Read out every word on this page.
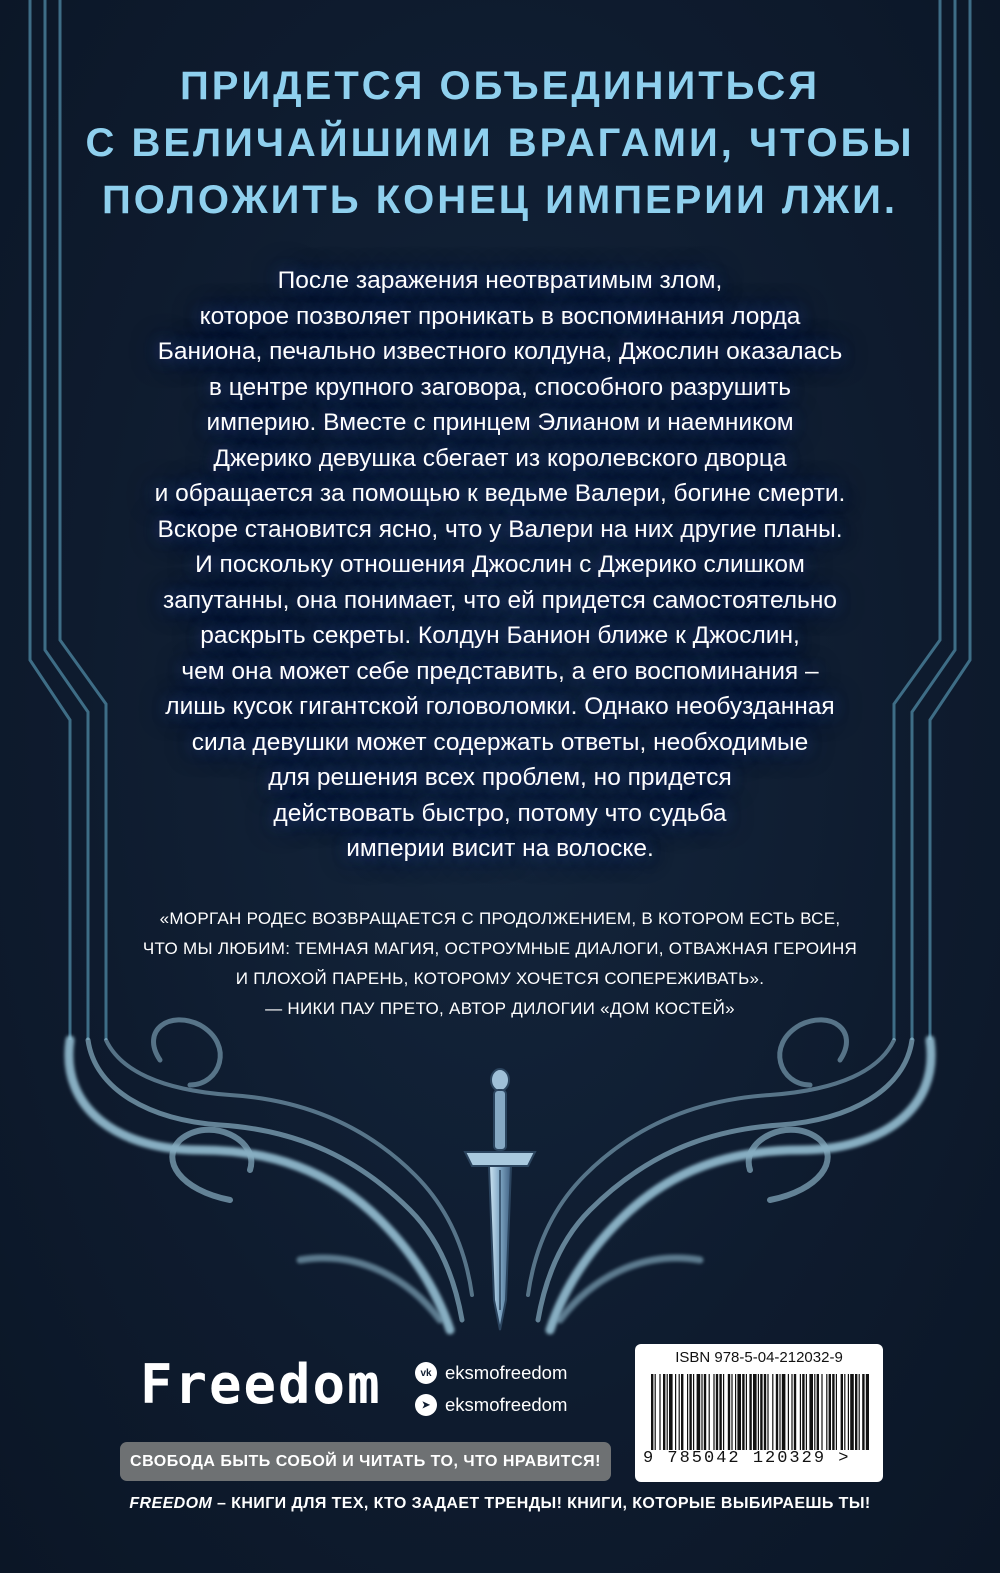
ПРИДЕТСЯ ОБЪЕДИНИТЬСЯ
С ВЕЛИЧАЙШИМИ ВРАГАМИ, ЧТОБЫ
ПОЛОЖИТЬ КОНЕЦ ИМПЕРИИ ЛЖИ.
После заражения неотвратимым злом,
которое позволяет проникать в воспоминания лорда
Баниона, печально известного колдуна, Джослин оказалась
в центре крупного заговора, способного разрушить
империю. Вместе с принцем Элианом и наемником
Джерико девушка сбегает из королевского дворца
и обращается за помощью к ведьме Валери, богине смерти.
Вскоре становится ясно, что у Валери на них другие планы.
И поскольку отношения Джослин с Джерико слишком
запутанны, она понимает, что ей придется самостоятельно
раскрыть секреты. Колдун Банион ближе к Джослин,
чем она может себе представить, а его воспоминания –
лишь кусок гигантской головоломки. Однако необузданная
сила девушки может содержать ответы, необходимые
для решения всех проблем, но придется
действовать быстро, потому что судьба
империи висит на волоске.
«МОРГАН РОДЕС ВОЗВРАЩАЕТСЯ С ПРОДОЛЖЕНИЕМ, В КОТОРОМ ЕСТЬ ВСЕ,
ЧТО МЫ ЛЮБИМ: ТЕМНАЯ МАГИЯ, ОСТРОУМНЫЕ ДИАЛОГИ, ОТВАЖНАЯ ГЕРОИНЯ
И ПЛОХОЙ ПАРЕНЬ, КОТОРОМУ ХОЧЕТСЯ СОПЕРЕЖИВАТЬ».
— НИКИ ПАУ ПРЕТО, АВТОР ДИЛОГИИ «ДОМ КОСТЕЙ»
Freedom	vk eksmofreedom
➤ eksmofreedom
СВОБОДА БЫТЬ СОБОЙ И ЧИТАТЬ ТО, ЧТО НРАВИТСЯ!
ISBN 978-5-04-212032-9
9 785042 120329 >
FREEDOM – КНИГИ ДЛЯ ТЕХ, КТО ЗАДАЕТ ТРЕНДЫ! КНИГИ, КОТОРЫЕ ВЫБИРАЕШЬ ТЫ!
